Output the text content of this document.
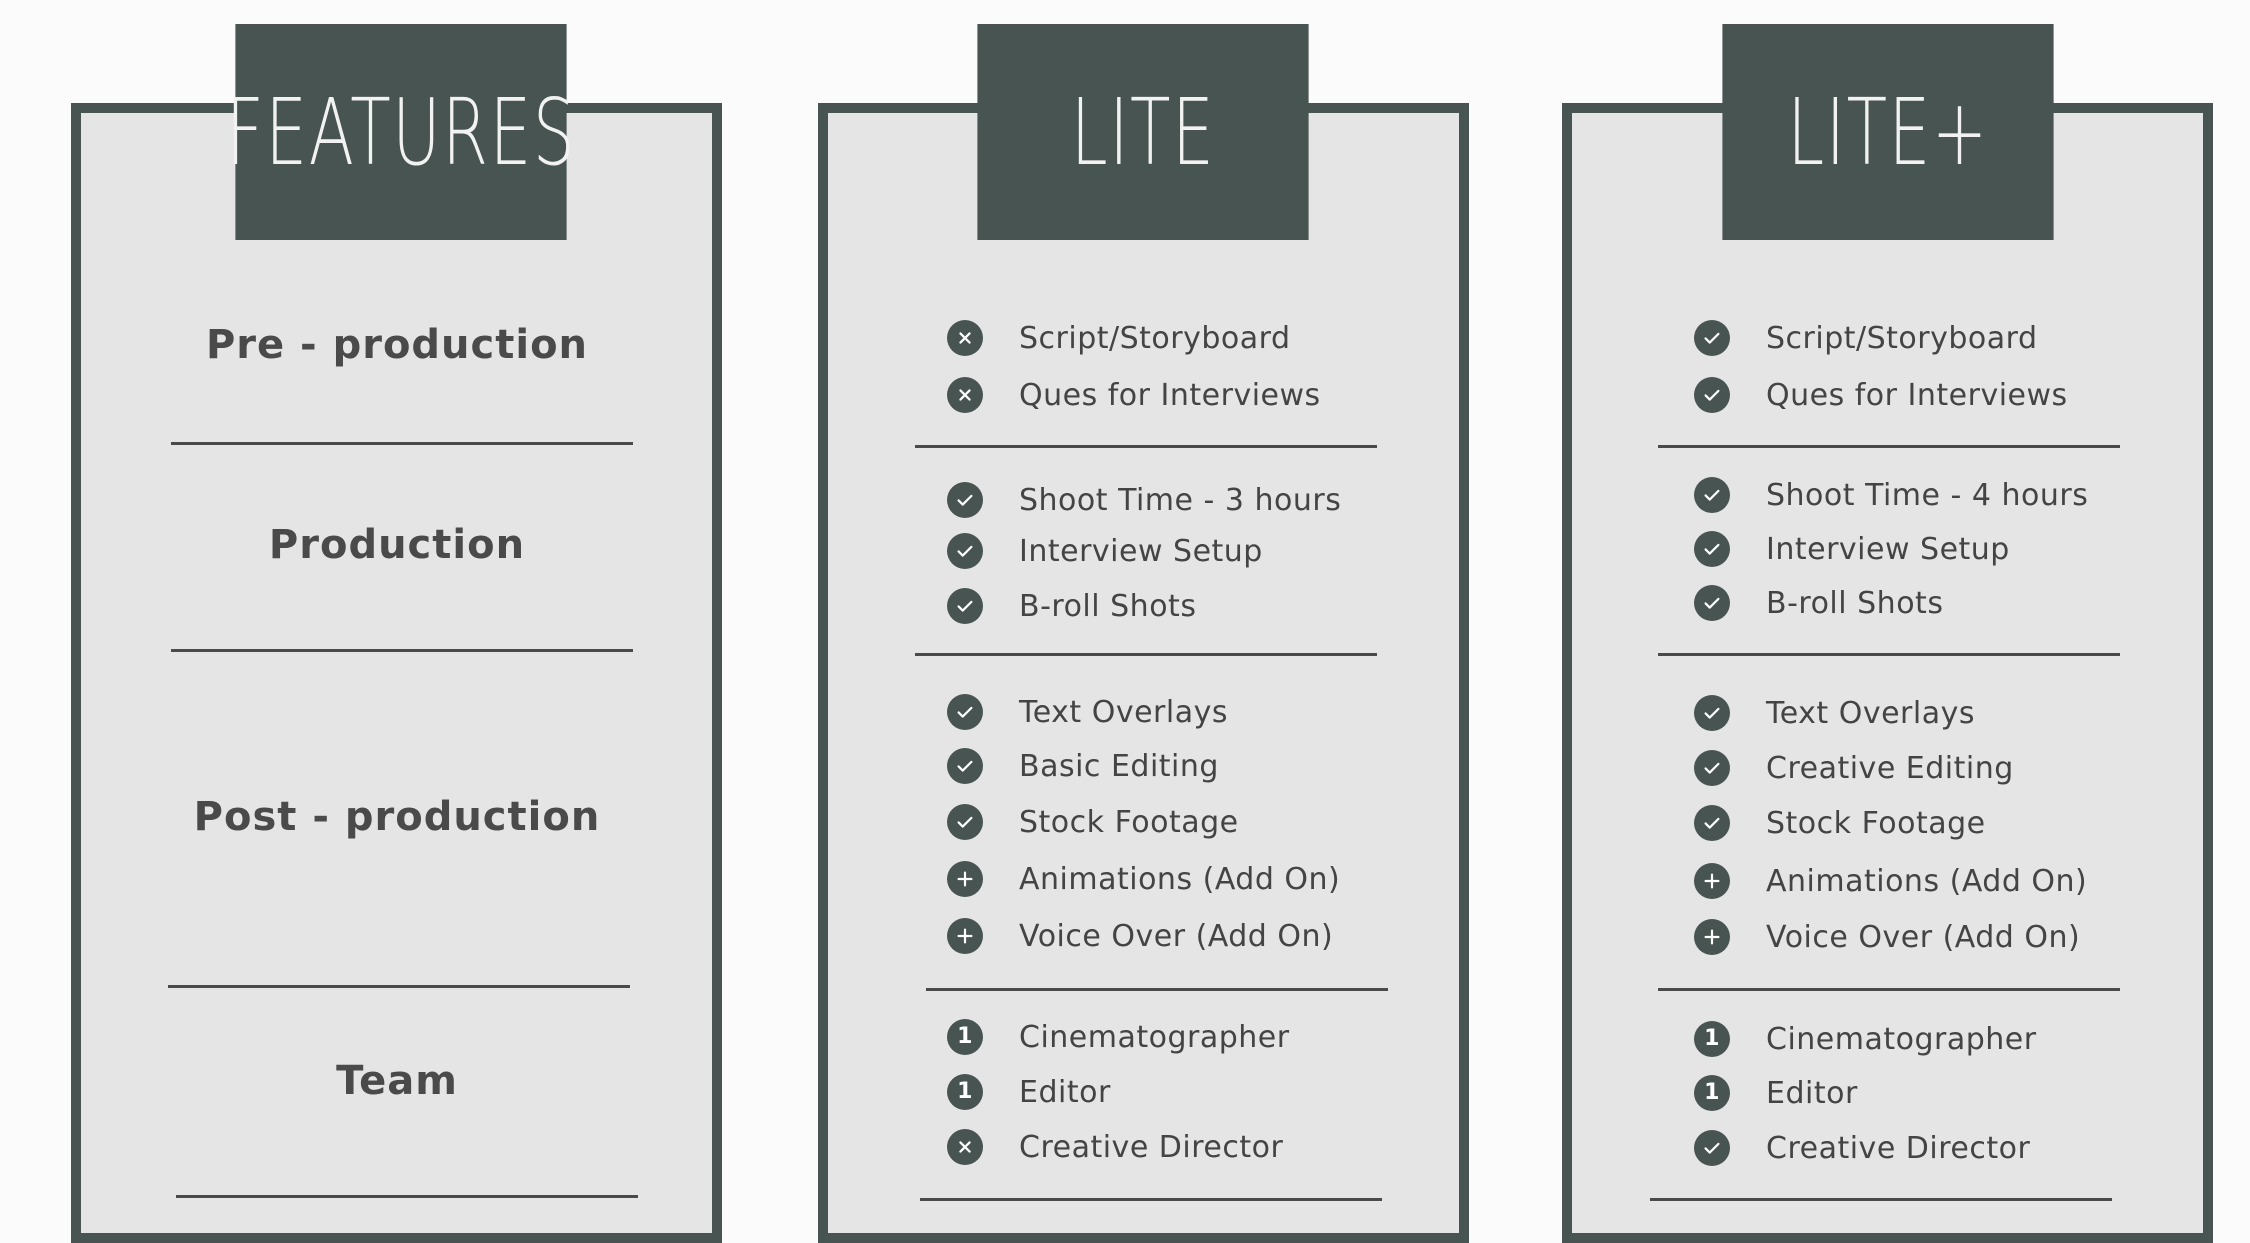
FEATURES	LITE	LITE+
Pre - production
Production
Post - production
Team
Script/Storyboard
Ques for Interviews
Shoot Time - 3 hours
Interview Setup
B-roll Shots
Text Overlays
Basic Editing
Stock Footage
Animations (Add On)
Voice Over (Add On)
1 Cinematographer
1 Editor
Creative Director
Script/Storyboard
Ques for Interviews
Shoot Time - 4 hours
Interview Setup
B-roll Shots
Text Overlays
Creative Editing
Stock Footage
Animations (Add On)
Voice Over (Add On)
1 Cinematographer
1 Editor
Creative Director
